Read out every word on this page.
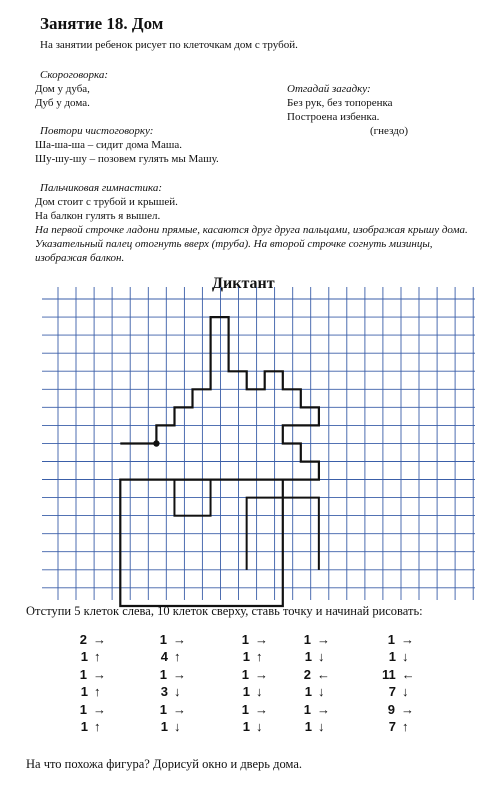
Занятие 18. Дом
На занятии ребенок рисует по клеточкам дом с трубой.
Скороговорка:
Дом у дуба,
Дуб у дома.
Отгадай загадку:
Без рук, без топоренка
Построена избенка.
(гнездо)
Повтори чистоговорку:
Ша-ша-ша – сидит дома Маша.
Шу-шу-шу – позовем гулять мы Машу.
Пальчиковая гимнастика:
Дом стоит с трубой и крышей.
На балкон гулять я вышел.
На первой строчке ладони прямые, касаются друг друга пальцами, изображая крышу дома. Указательный палец отогнуть вверх (труба). На второй строчке согнуть мизинцы, изображая балкон.
Диктант
Отступи 5 клеток слева, 10 клеток сверху, ставь точку и начинай рисовать:
2 →
1 ↑
1 →
1 ↑
1 →
1 ↑
1 →
4 ↑
1 →
3 ↓
1 →
1 ↓
1 →
1 ↑
1 →
1 ↓
1 →
1 ↓
1 →
1 ↓
2 ←
1 ↓
1 →
1 ↓
1 →
1 ↓
11 ←
7 ↓
9 →
7 ↑
На что похожа фигура? Дорисуй окно и дверь дома.
